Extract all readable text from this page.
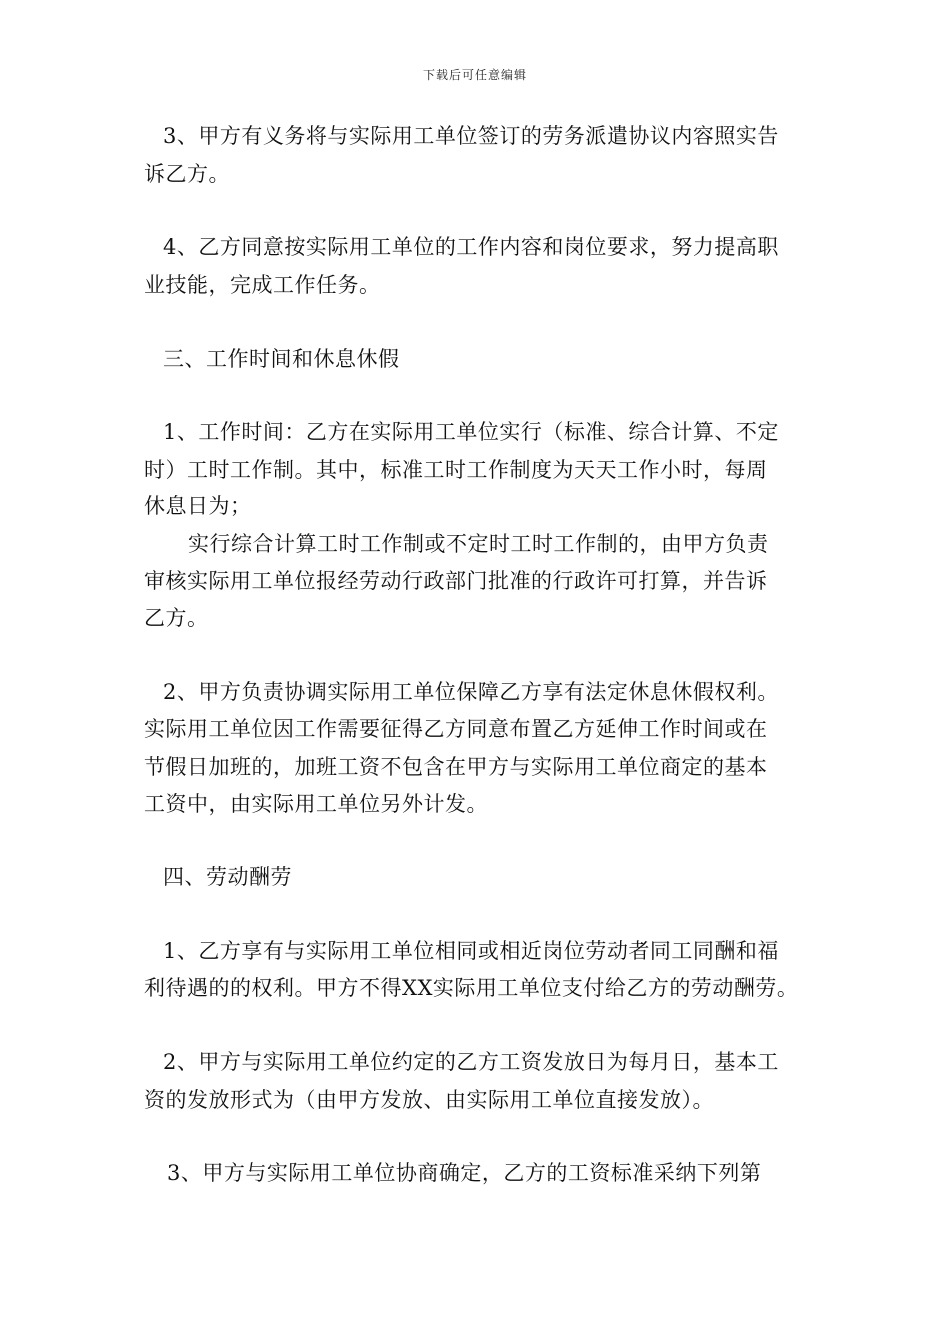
下载后可任意编辑
3、甲方有义务将与实际用工单位签订的劳务派遣协议内容照实告
诉乙方。
4、乙方同意按实际用工单位的工作内容和岗位要求，努力提高职
业技能，完成工作任务。
三、工作时间和休息休假
1、工作时间：乙方在实际用工单位实行（标准、综合计算、不定
时）工时工作制。其中，标准工时工作制度为天天工作小时，每周
休息日为；
实行综合计算工时工作制或不定时工时工作制的，由甲方负责
审核实际用工单位报经劳动行政部门批准的行政许可打算，并告诉
乙方。
2、甲方负责协调实际用工单位保障乙方享有法定休息休假权利。
实际用工单位因工作需要征得乙方同意布置乙方延伸工作时间或在
节假日加班的，加班工资不包含在甲方与实际用工单位商定的基本
工资中，由实际用工单位另外计发。
四、劳动酬劳
1、乙方享有与实际用工单位相同或相近岗位劳动者同工同酬和福
利待遇的的权利。甲方不得XX实际用工单位支付给乙方的劳动酬劳。
2、甲方与实际用工单位约定的乙方工资发放日为每月日，基本工
资的发放形式为（由甲方发放、由实际用工单位直接发放）。
3、甲方与实际用工单位协商确定，乙方的工资标准采纳下列第
